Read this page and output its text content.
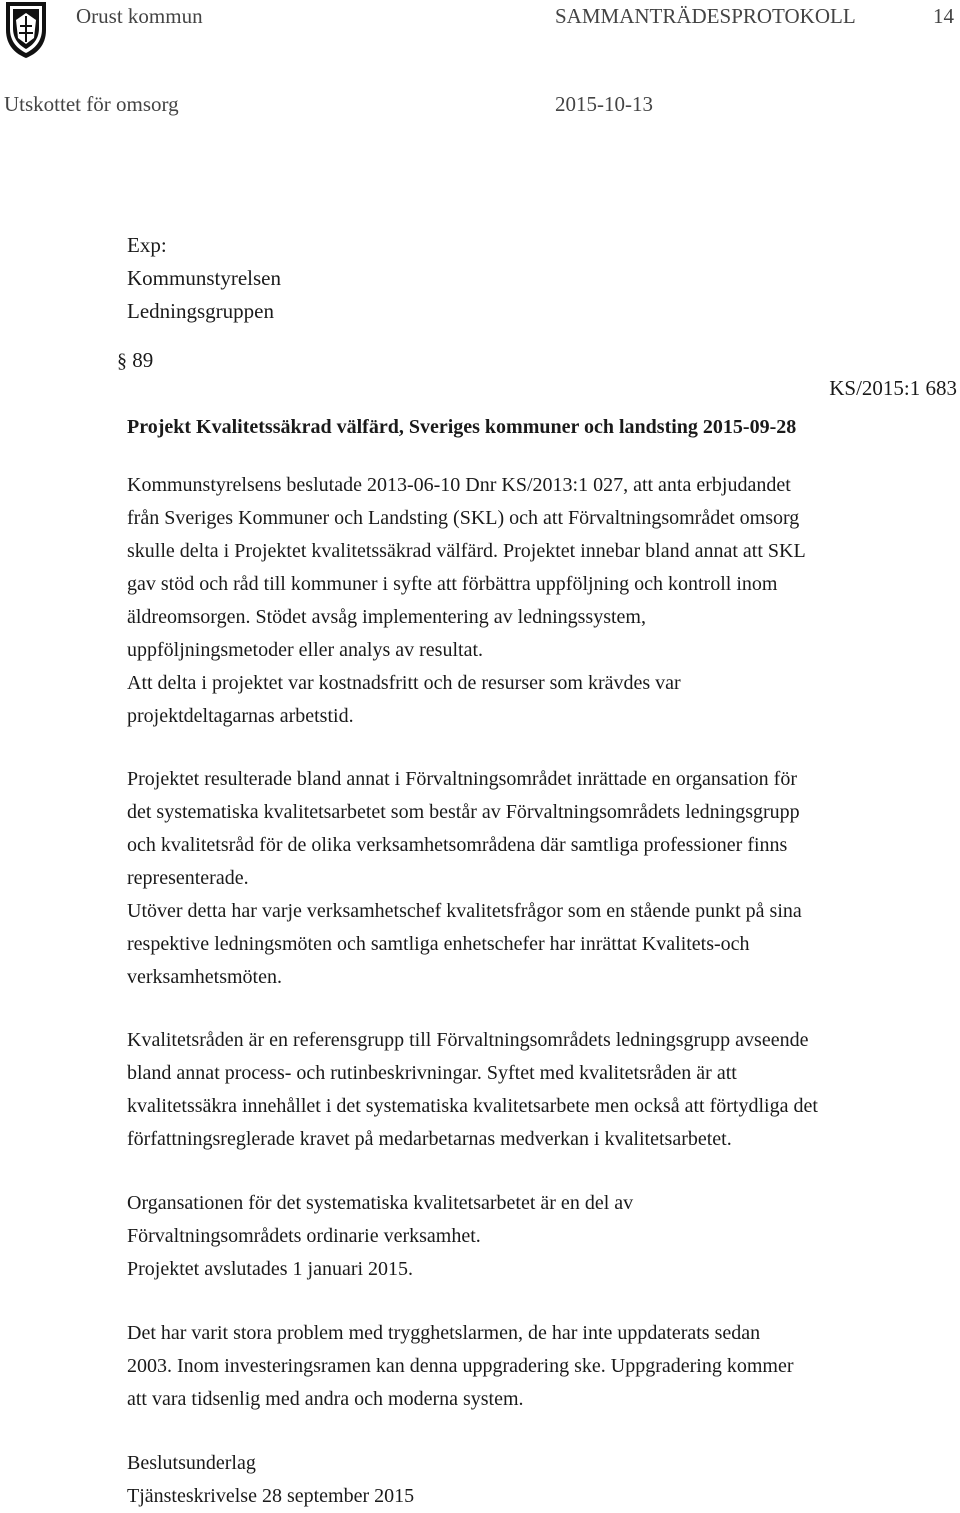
Orust kommun	SAMMANTRÄDESPROTOKOLL	14
Utskottet för omsorg	2015-10-13
Exp:
Kommunstyrelsen
Ledningsgruppen
§ 89
KS/2015:1 683
Projekt Kvalitetssäkrad välfärd, Sveriges kommuner och landsting 2015-09-28

Kommunstyrelsens beslutade 2013-06-10 Dnr KS/2013:1 027, att anta erbjudandet

från Sveriges Kommuner och Landsting (SKL) och att Förvaltningsområdet omsorg

skulle delta i Projektet kvalitetssäkrad välfärd. Projektet innebar bland annat att SKL

gav stöd och råd till kommuner i syfte att förbättra uppföljning och kontroll inom

äldreomsorgen. Stödet avsåg implementering av ledningssystem,

uppföljningsmetoder eller analys av resultat.

Att delta i projektet var kostnadsfritt och de resurser som krävdes var

projektdeltagarnas arbetstid.

Projektet resulterade bland annat i Förvaltningsområdet inrättade en organsation för

det systematiska kvalitetsarbetet som består av Förvaltningsområdets ledningsgrupp

och kvalitetsråd för de olika verksamhetsområdena där samtliga professioner finns

representerade.

Utöver detta har varje verksamhetschef kvalitetsfrågor som en stående punkt på sina

respektive ledningsmöten och samtliga enhetschefer har inrättat Kvalitets-och

verksamhetsmöten.

Kvalitetsråden är en referensgrupp till Förvaltningsområdets ledningsgrupp avseende

bland annat process- och rutinbeskrivningar. Syftet med kvalitetsråden är att

kvalitetssäkra innehållet i det systematiska kvalitetsarbete men också att förtydliga det

författningsreglerade kravet på medarbetarnas medverkan i kvalitetsarbetet.

Organsationen för det systematiska kvalitetsarbetet är en del av

Förvaltningsområdets ordinarie verksamhet.

Projektet avslutades 1 januari 2015.

Det har varit stora problem med trygghetslarmen, de har inte uppdaterats sedan

2003. Inom investeringsramen kan denna uppgradering ske. Uppgradering kommer

att vara tidsenlig med andra och moderna system.

Beslutsunderlag

Tjänsteskrivelse 28 september 2015
